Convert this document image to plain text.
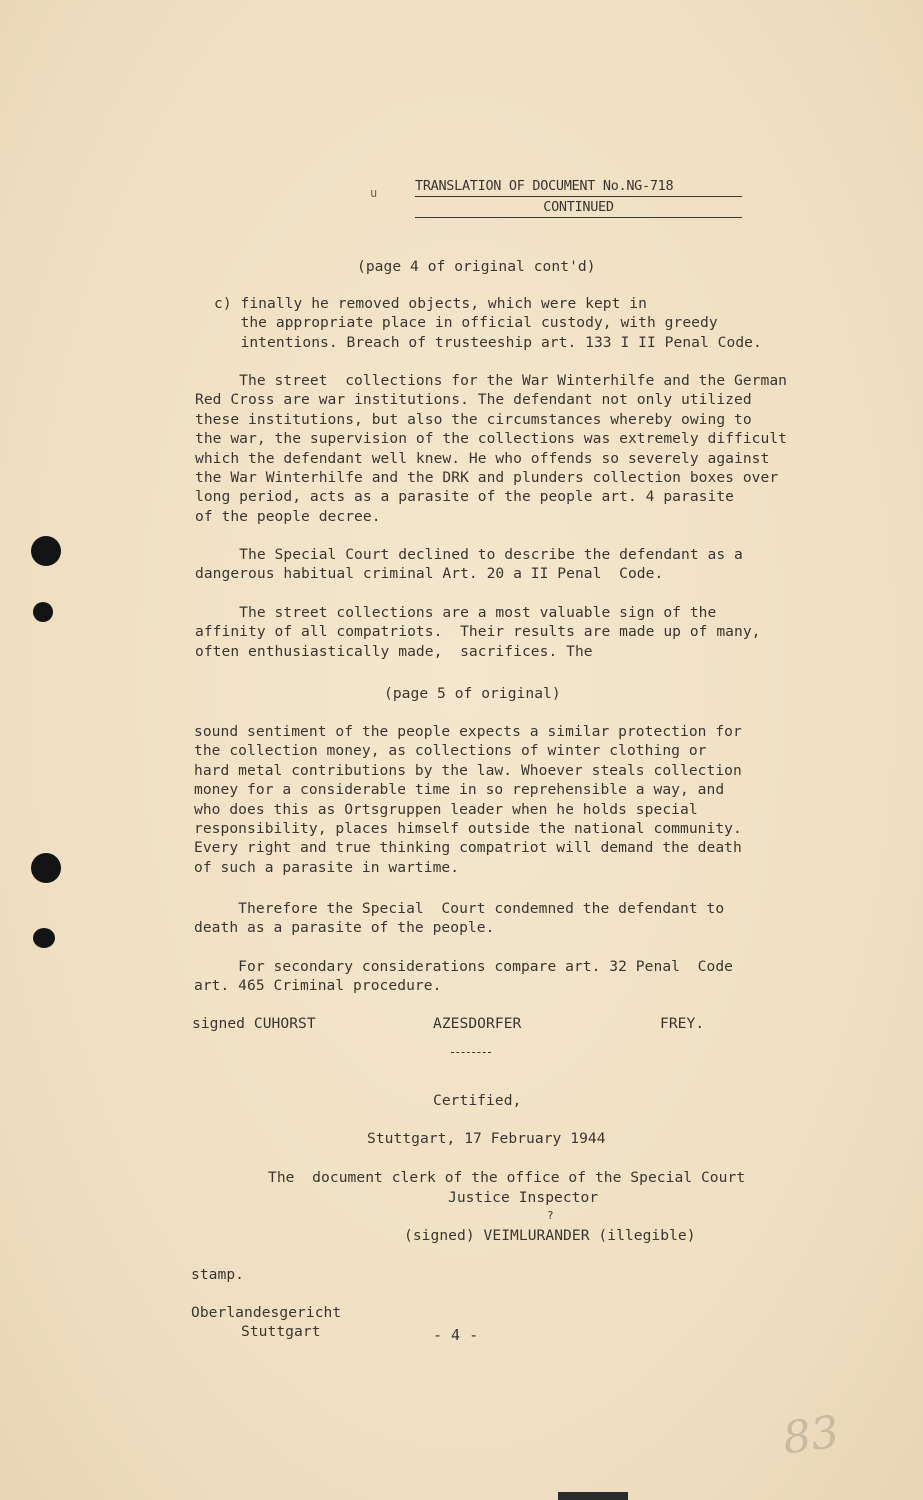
u	TRANSLATION OF DOCUMENT No.NG-718
CONTINUED
(page 4 of original cont'd)
c) finally he removed objects, which were kept in
the appropriate place in official custody, with greedy
intentions. Breach of trusteeship art. 133 I II Penal Code.
The street  collections for the War Winterhilfe and the German
Red Cross are war institutions. The defendant not only utilized
these institutions, but also the circumstances whereby owing to
the war, the supervision of the collections was extremely difficult
which the defendant well knew. He who offends so severely against
the War Winterhilfe and the DRK and plunders collection boxes over
long period, acts as a parasite of the people art. 4 parasite
of the people decree.
The Special Court declined to describe the defendant as a
dangerous habitual criminal Art. 20 a II Penal  Code.
The street collections are a most valuable sign of the
affinity of all compatriots.  Their results are made up of many,
often enthusiastically made,  sacrifices. The
(page 5 of original)
sound sentiment of the people expects a similar protection for
the collection money, as collections of winter clothing or
hard metal contributions by the law. Whoever steals collection
money for a considerable time in so reprehensible a way, and
who does this as Ortsgruppen leader when he holds special
responsibility, places himself outside the national community.
Every right and true thinking compatriot will demand the death
of such a parasite in wartime.
Therefore the Special  Court condemned the defendant to
death as a parasite of the people.
For secondary considerations compare art. 32 Penal  Code
art. 465 Criminal procedure.
signed CUHORST	AZESDORFER	FREY.
Certified,
Stuttgart, 17 February 1944
The  document clerk of the office of the Special Court
Justice Inspector
?
(signed) VEIMLURANDER (illegible)
stamp.
Oberlandesgericht
Stuttgart	- 4 -
83
